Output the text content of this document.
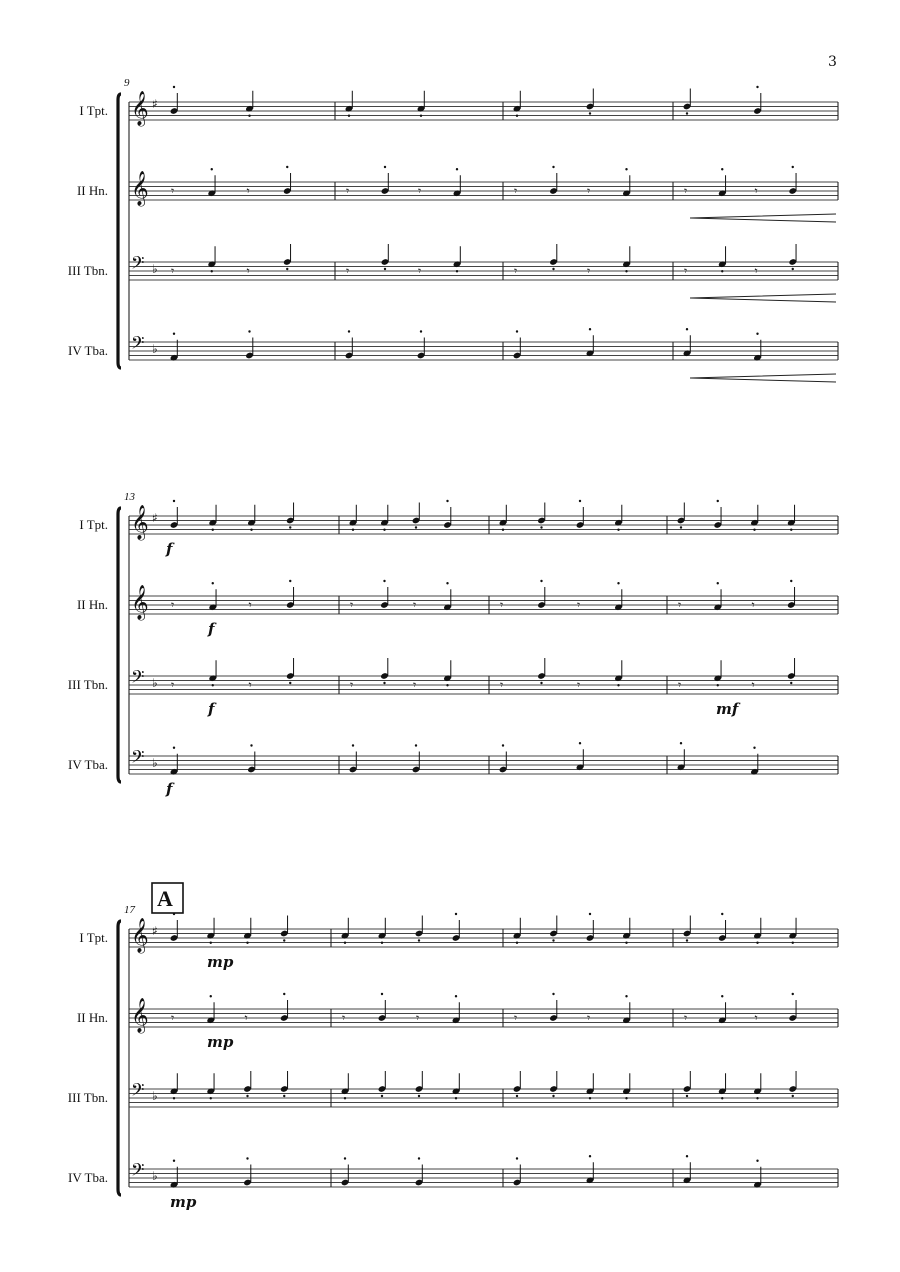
3
9
I Tpt. 𝄞 ♯
II Hn. 𝄞
III Tbn. 𝄢 ♭
IV Tba. 𝄢 ♭
𝄾	𝄾
𝄾	𝄾
𝄾	𝄾
𝄾	𝄾
𝄾	𝄾
𝄾	𝄾
𝄾	𝄾
𝄾	𝄾
13
I Tpt. 𝄞 ♯
II Hn. 𝄞
III Tbn. 𝄢 ♭
IV Tba. 𝄢 ♭
𝄾	𝄾
𝄾	𝄾
𝄾	𝄾
𝄾	𝄾
𝄾	𝄾
𝄾	𝄾
𝄾	𝄾
𝄾	𝄾
f
f
f	mf
f
17 A
I Tpt. 𝄞 ♯
II Hn. 𝄞
III Tbn. 𝄢 ♭
IV Tba. 𝄢 ♭
𝄾	𝄾	𝄾	𝄾	𝄾	𝄾	𝄾	𝄾
mp
mp
mp
